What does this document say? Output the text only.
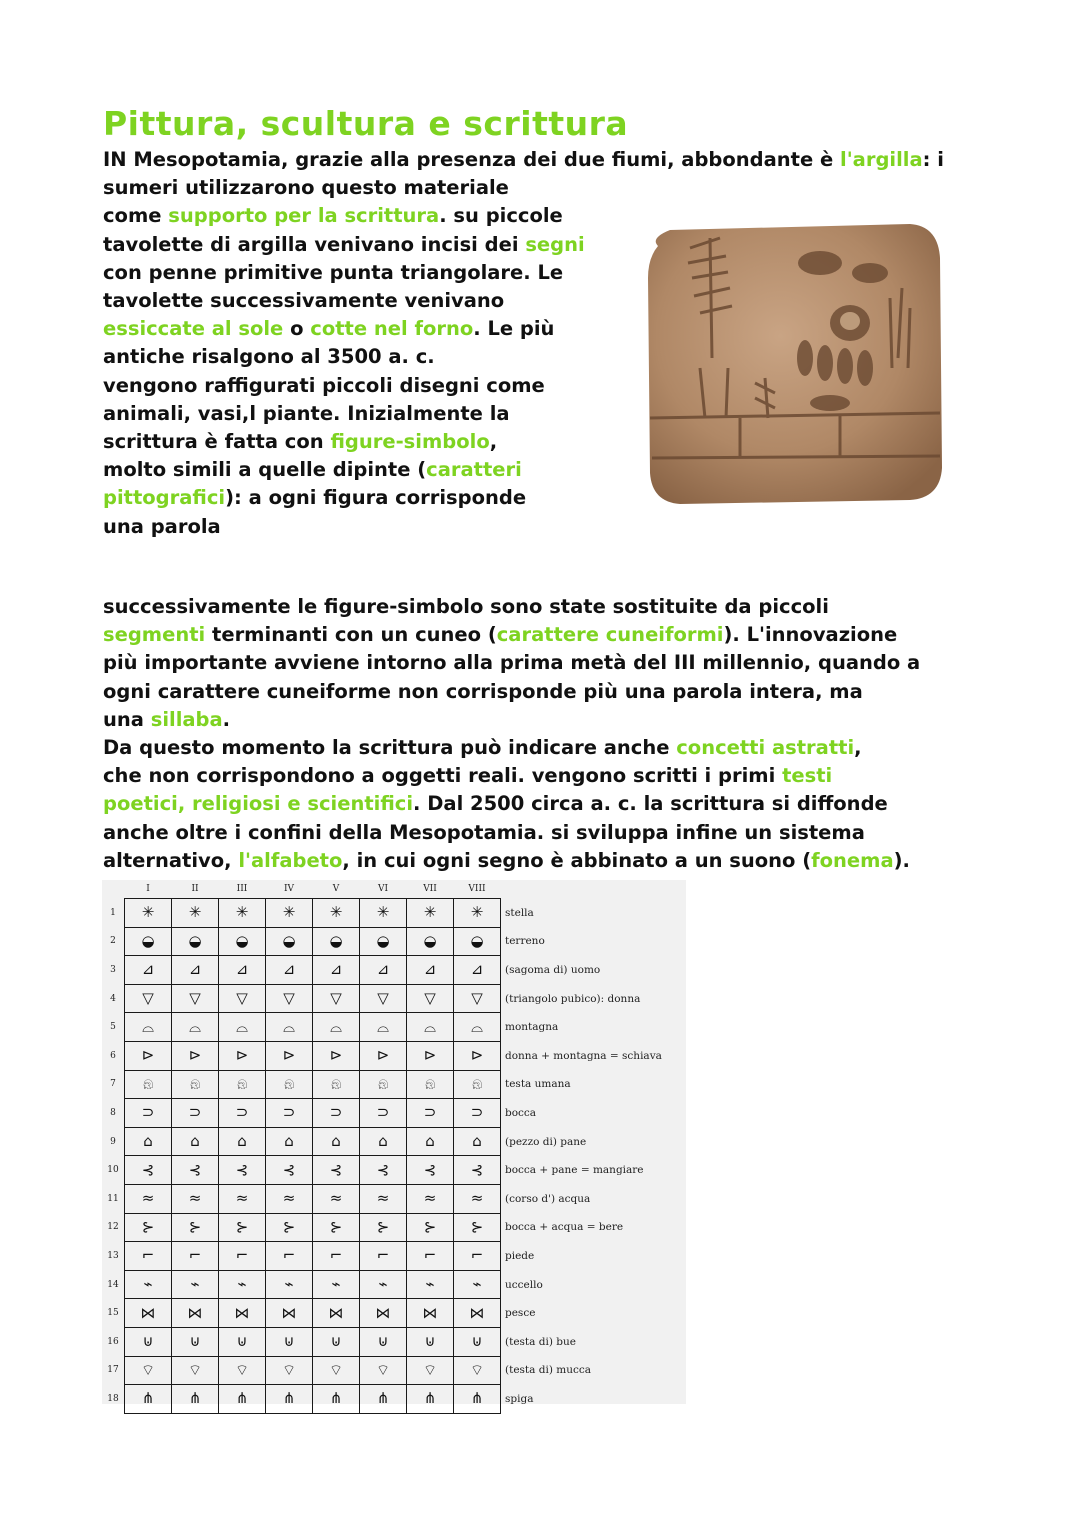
Pittura, scultura e scrittura
IN Mesopotamia, grazie alla presenza dei due fiumi, abbondante è l'argilla: i
sumeri utilizzarono questo materiale
come supporto per la scrittura. su piccole
tavolette di argilla venivano incisi dei segni
con penne primitive punta triangolare. Le
tavolette successivamente venivano
essiccate al sole o cotte nel forno. Le più
antiche risalgono al 3500 a. c.
vengono raffigurati piccoli disegni come
animali, vasi,l piante. Inizialmente la
scrittura è fatta con figure-simbolo,
molto simili a quelle dipinte (caratteri
pittografici): a ogni figura corrisponde
una parola
successivamente le figure-simbolo sono state sostituite da piccoli
segmenti terminanti con un cuneo (carattere cuneiformi). L'innovazione
più importante avviene intorno alla prima metà del III millennio, quando a
ogni carattere cuneiforme non corrisponde più una parola intera, ma
una sillaba.
Da questo momento la scrittura può indicare anche concetti astratti,
che non corrispondono a oggetti reali. vengono scritti i primi testi
poetici, religiosi e scientifici. Dal 2500 circa a. c. la scrittura si diffonde
anche oltre i confini della Mesopotamia. si sviluppa infine un sistema
alternativo, l'alfabeto, in cui ogni segno è abbinato a un suono (fonema).
	I	II	III	IV	V	VI	VII	VIII	
1	✳	✳	✳	✳	✳	✳	✳	✳	stella
2	◒	◒	◒	◒	◒	◒	◒	◒	terreno
3	⊿	⊿	⊿	⊿	⊿	⊿	⊿	⊿	(sagoma di) uomo
4	▽	▽	▽	▽	▽	▽	▽	▽	(triangolo pubico): donna
5	⌓	⌓	⌓	⌓	⌓	⌓	⌓	⌓	montagna
6	⊳	⊳	⊳	⊳	⊳	⊳	⊳	⊳	donna + montagna = schiava
7	𓁶	𓁶	𓁶	𓁶	𓁶	𓁶	𓁶	𓁶	testa umana
8	⊃	⊃	⊃	⊃	⊃	⊃	⊃	⊃	bocca
9	⌂	⌂	⌂	⌂	⌂	⌂	⌂	⌂	(pezzo di) pane
10	⊰	⊰	⊰	⊰	⊰	⊰	⊰	⊰	bocca + pane = mangiare
11	≈	≈	≈	≈	≈	≈	≈	≈	(corso d') acqua
12	⊱	⊱	⊱	⊱	⊱	⊱	⊱	⊱	bocca + acqua = bere
13	⌐	⌐	⌐	⌐	⌐	⌐	⌐	⌐	piede
14	⌁	⌁	⌁	⌁	⌁	⌁	⌁	⌁	uccello
15	⋈	⋈	⋈	⋈	⋈	⋈	⋈	⋈	pesce
16	⊍	⊍	⊍	⊍	⊍	⊍	⊍	⊍	(testa di) bue
17	⌔	⌔	⌔	⌔	⌔	⌔	⌔	⌔	(testa di) mucca
18	⋔	⋔	⋔	⋔	⋔	⋔	⋔	⋔	spiga
